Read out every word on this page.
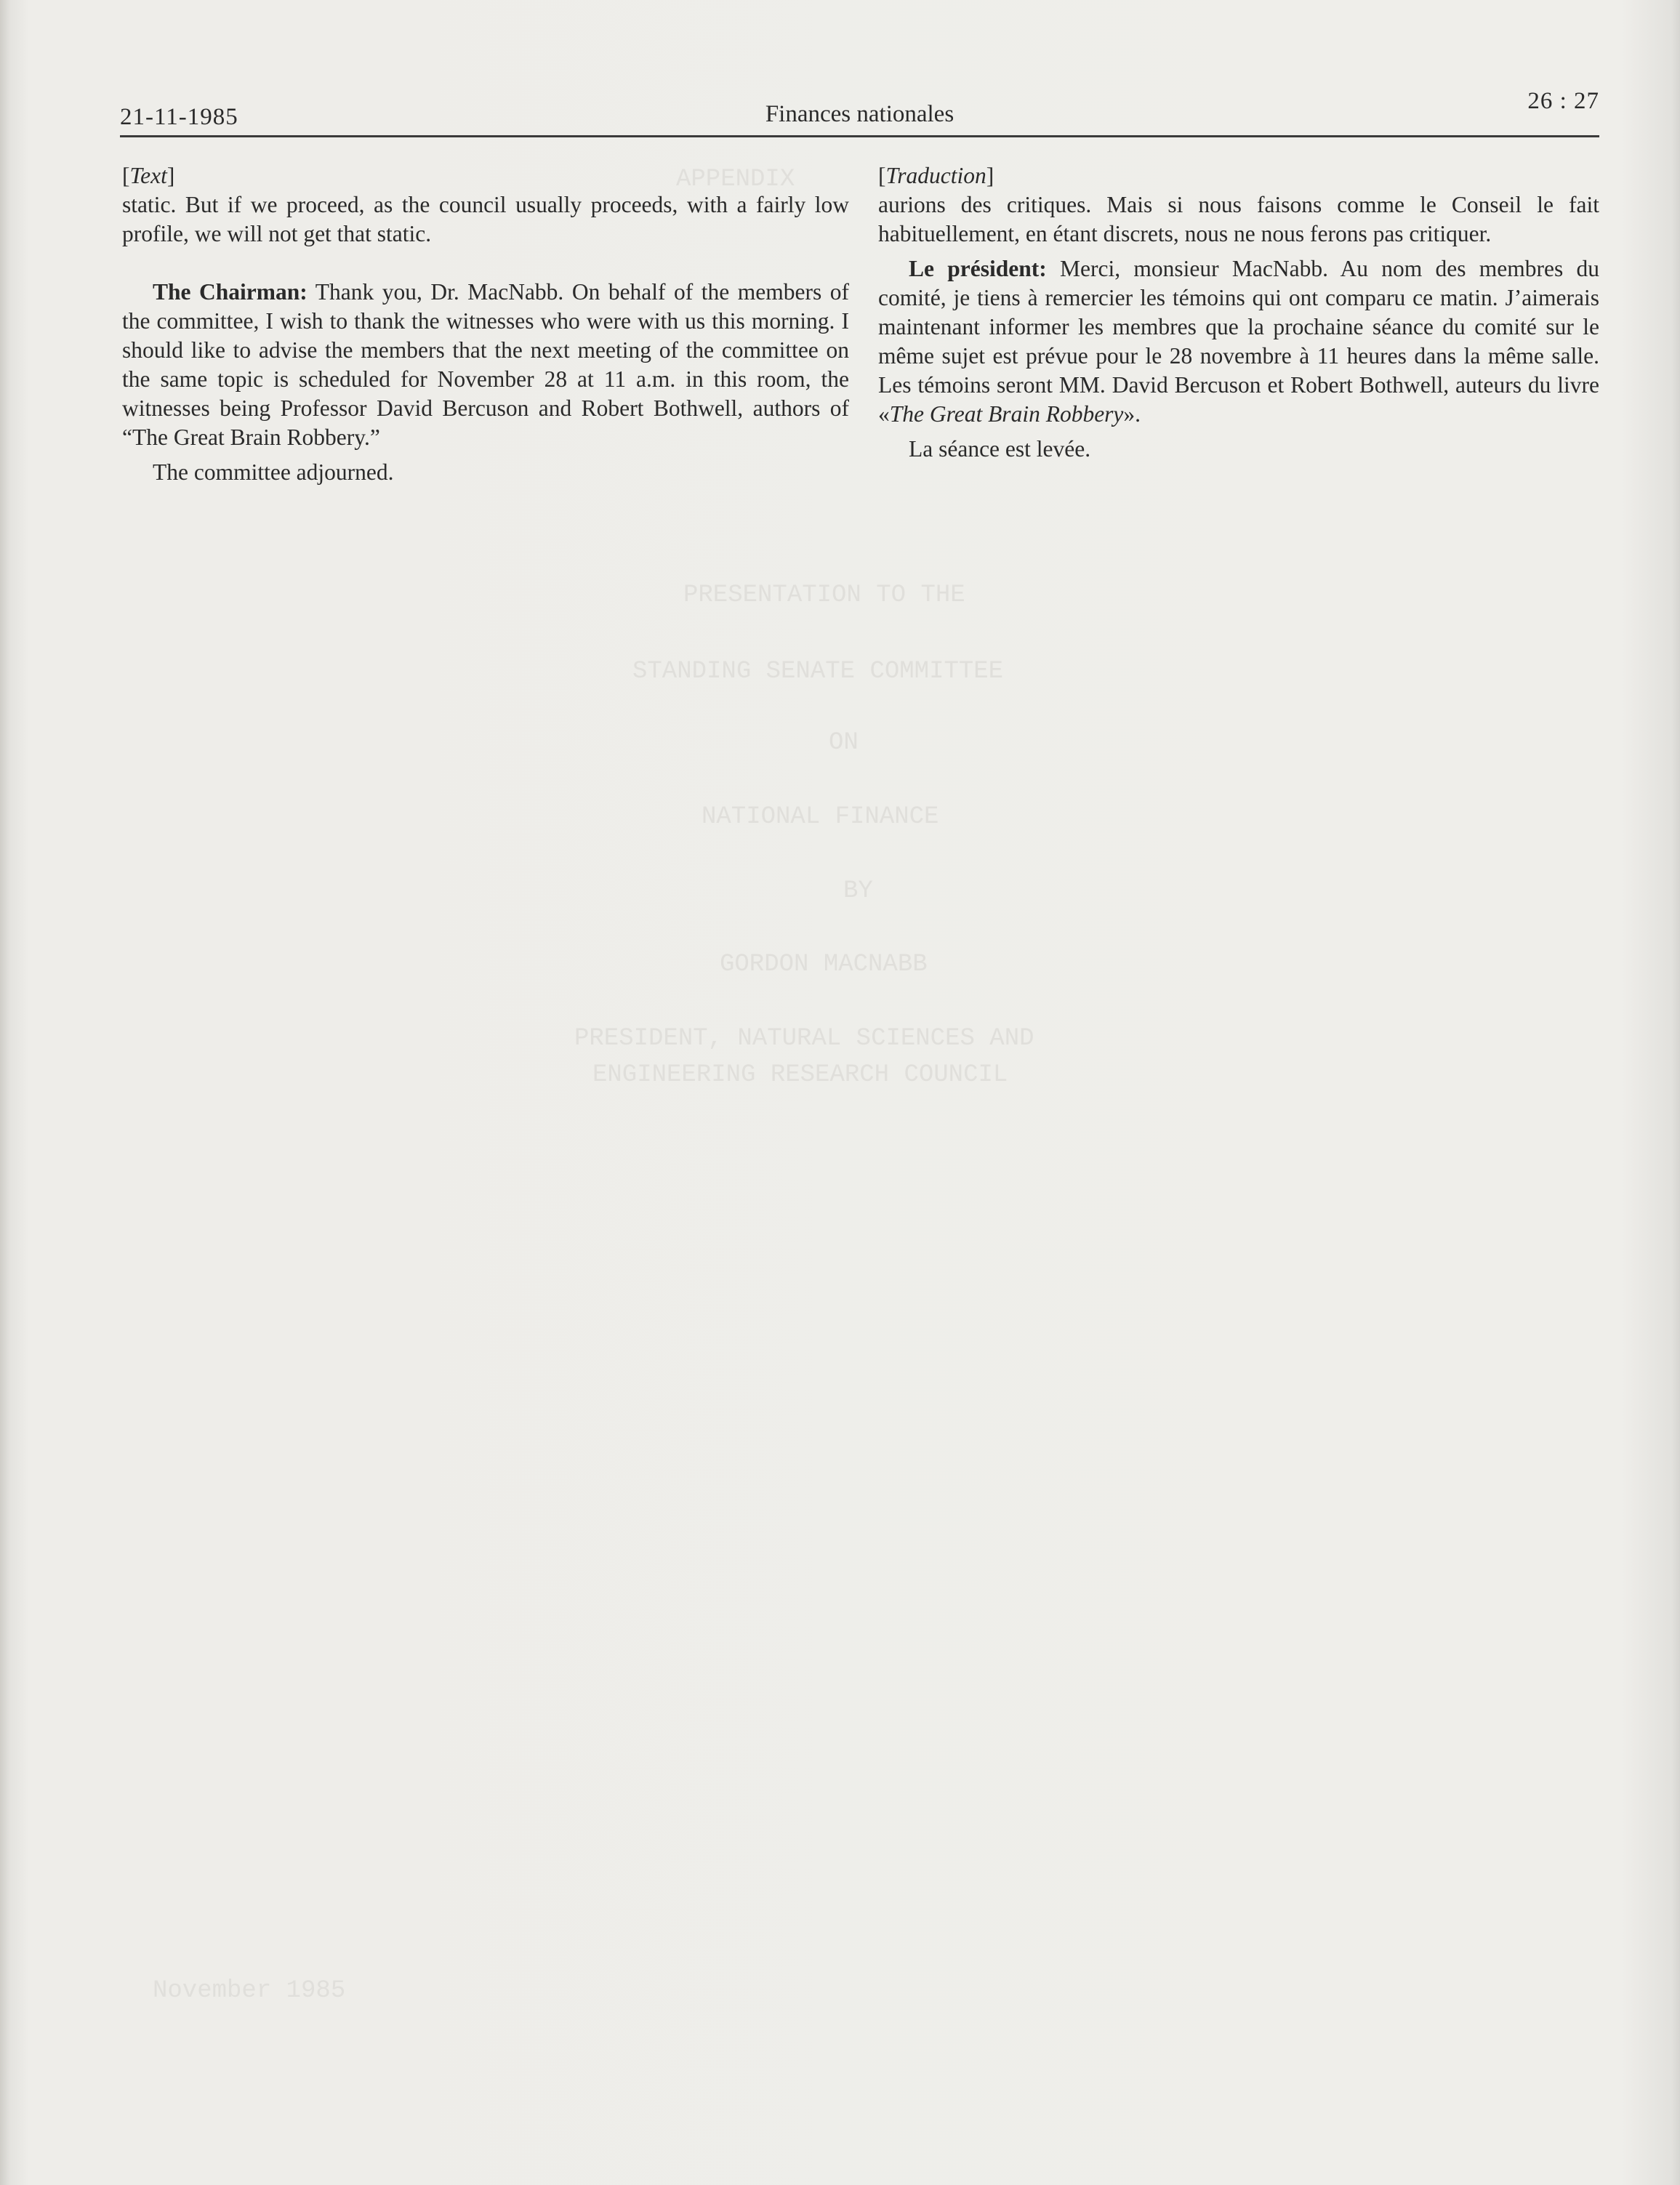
APPENDIX
PRESENTATION TO THE
STANDING SENATE COMMITTEE
ON
NATIONAL FINANCE
BY
GORDON MACNABB
PRESIDENT, NATURAL SCIENCES AND
ENGINEERING RESEARCH COUNCIL
November 1985
21-11-1985	Finances nationales	26 : 27

[Text]

static. But if we proceed, as the council usually proceeds, with a fairly low profile, we will not get that static.

The Chairman: Thank you, Dr. MacNabb. On behalf of the members of the committee, I wish to thank the witnesses who were with us this morning. I should like to advise the members that the next meeting of the committee on the same topic is scheduled for November 28 at 11 a.m. in this room, the witnesses being Professor David Bercuson and Robert Bothwell, authors of “The Great Brain Robbery.”

The committee adjourned.

[Traduction]

aurions des critiques. Mais si nous faisons comme le Conseil le fait habituellement, en étant discrets, nous ne nous ferons pas critiquer.

Le président: Merci, monsieur MacNabb. Au nom des membres du comité, je tiens à remercier les témoins qui ont comparu ce matin. J’aimerais maintenant informer les membres que la prochaine séance du comité sur le même sujet est prévue pour le 28 novembre à 11 heures dans la même salle. Les témoins seront MM. David Bercuson et Robert Bothwell, auteurs du livre «The Great Brain Robbery».

La séance est levée.
